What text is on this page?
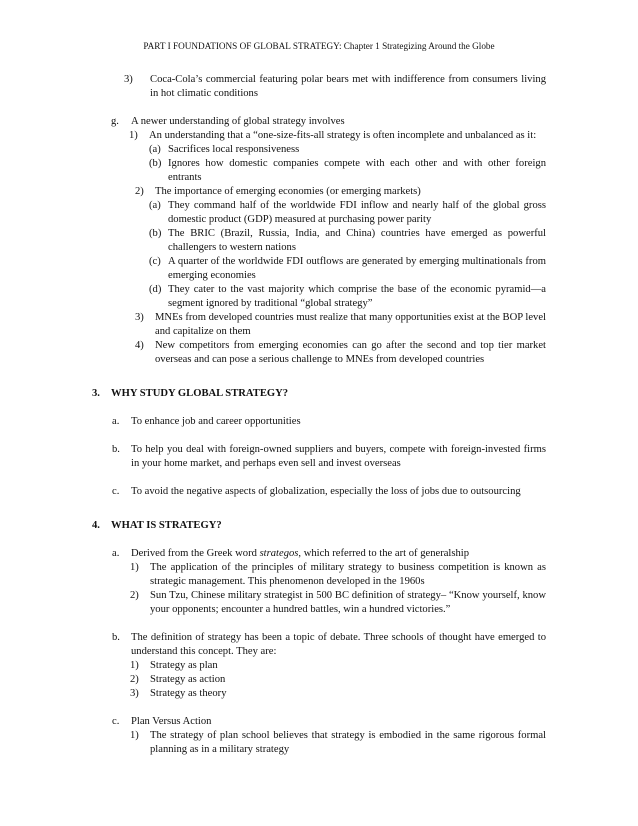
PART I FOUNDATIONS OF GLOBAL STRATEGY: Chapter 1 Strategizing Around the Globe
3) Coca-Cola’s commercial featuring polar bears met with indifference from consumers living in hot climatic conditions
g. A newer understanding of global strategy involves
1) An understanding that a “one-size-fits-all strategy is often incomplete and unbalanced as it:
(a) Sacrifices local responsiveness
(b) Ignores how domestic companies compete with each other and with other foreign entrants
2) The importance of emerging economies (or emerging markets)
(a) They command half of the worldwide FDI inflow and nearly half of the global gross domestic product (GDP) measured at purchasing power parity
(b) The BRIC (Brazil, Russia, India, and China) countries have emerged as powerful challengers to western nations
(c) A quarter of the worldwide FDI outflows are generated by emerging multinationals from emerging economies
(d) They cater to the vast majority which comprise the base of the economic pyramid—a segment ignored by traditional “global strategy”
3) MNEs from developed countries must realize that many opportunities exist at the BOP level and capitalize on them
4) New competitors from emerging economies can go after the second and top tier market overseas and can pose a serious challenge to MNEs from developed countries
3. WHY STUDY GLOBAL STRATEGY?
a. To enhance job and career opportunities
b. To help you deal with foreign-owned suppliers and buyers, compete with foreign-invested firms in your home market, and perhaps even sell and invest overseas
c. To avoid the negative aspects of globalization, especially the loss of jobs due to outsourcing
4. WHAT IS STRATEGY?
a. Derived from the Greek word strategos, which referred to the art of generalship
1) The application of the principles of military strategy to business competition is known as strategic management. This phenomenon developed in the 1960s
2) Sun Tzu, Chinese military strategist in 500 BC definition of strategy– “Know yourself, know your opponents; encounter a hundred battles, win a hundred victories.”
b. The definition of strategy has been a topic of debate. Three schools of thought have emerged to understand this concept. They are:
1) Strategy as plan
2) Strategy as action
3) Strategy as theory
c. Plan Versus Action
1) The strategy of plan school believes that strategy is embodied in the same rigorous formal planning as in a military strategy
